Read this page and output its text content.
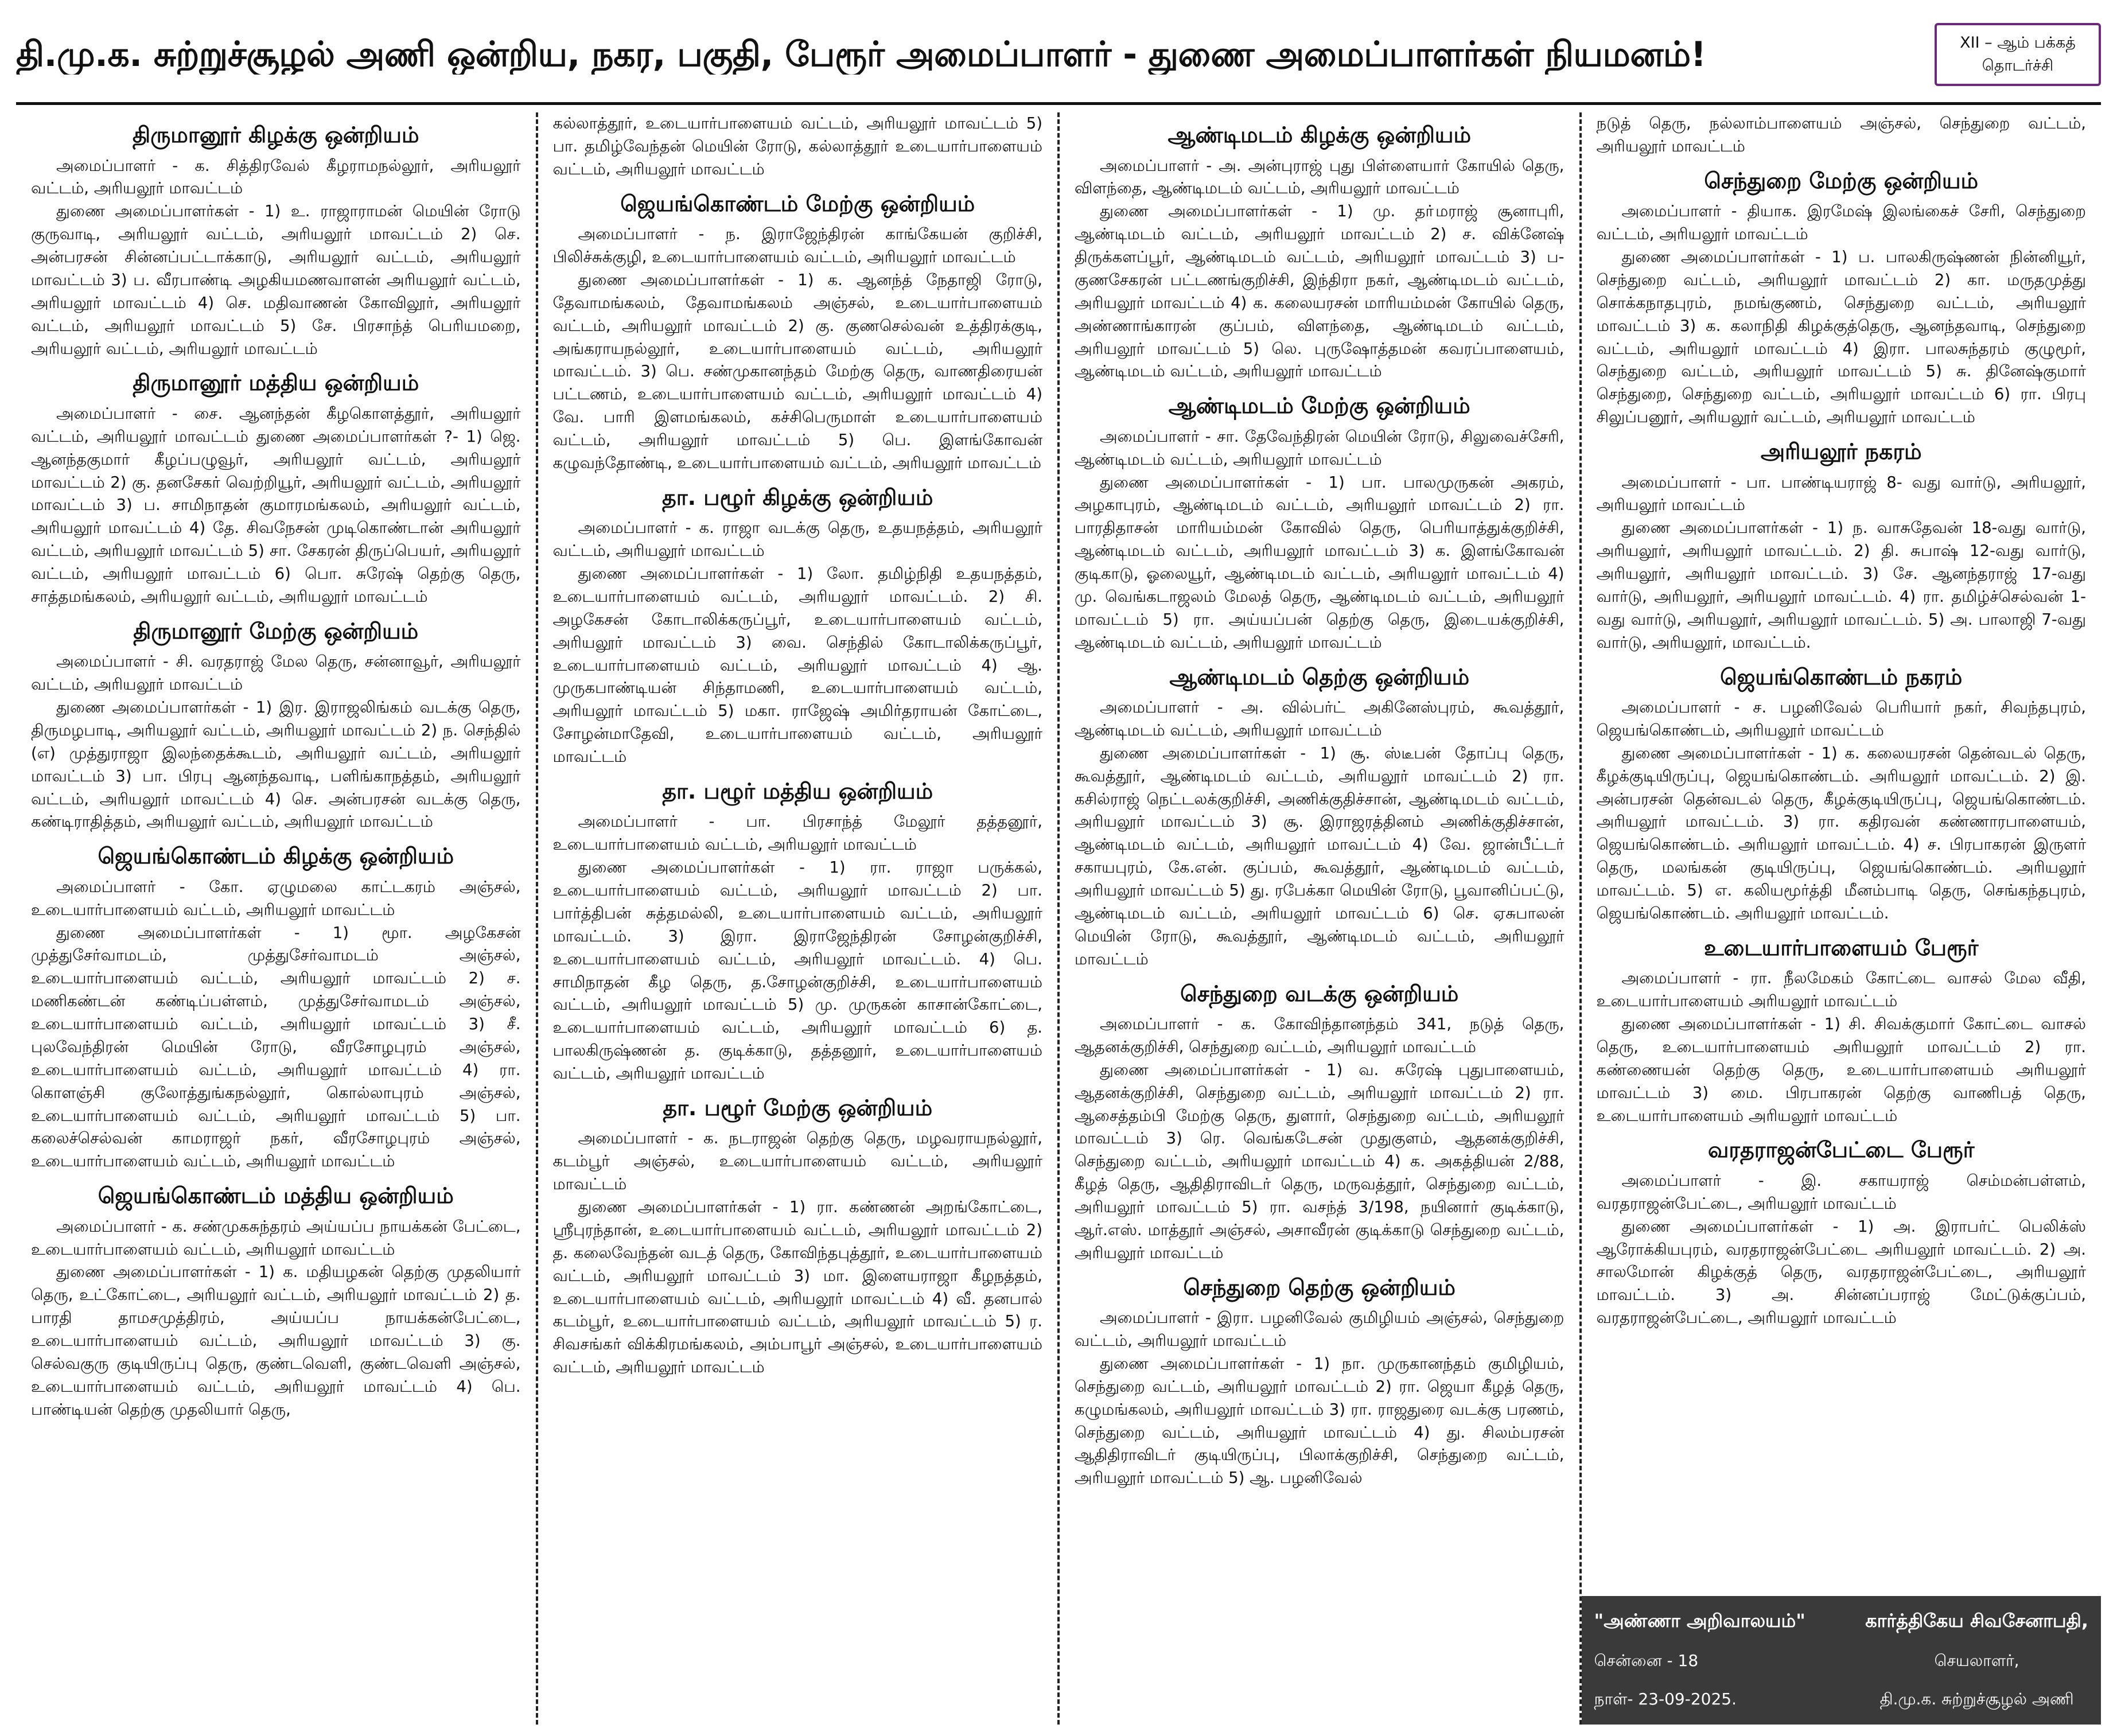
தி.மு.க. சுற்றுச்சூழல் அணி ஒன்றிய, நகர, பகுதி, பேரூர் அமைப்பாளர் - துணை அமைப்பாளர்கள் நியமனம்!	XII – ஆம் பக்கத்
தொடர்ச்சி
திருமானூர் கிழக்கு ஒன்றியம்

அமைப்பாளர் - க. சித்திரவேல் கீழராமநல்லூர், அரியலூர் வட்டம், அரியலூர் மாவட்டம்

துணை அமைப்பாளர்கள் - 1) உ. ராஜாராமன் மெயின் ரோடு குருவாடி, அரியலூர் வட்டம், அரியலூர் மாவட்டம் 2) செ. அன்பரசன் சின்னப்பட்டாக்காடு, அரியலூர் வட்டம், அரியலூர் மாவட்டம் 3) ப. வீரபாண்டி அழகியமணவாளன் அரியலூர் வட்டம், அரியலூர் மாவட்டம் 4) செ. மதிவாணன் கோவிலூர், அரியலூர் வட்டம், அரியலூர் மாவட்டம் 5) சே. பிரசாந்த் பெரியமறை, அரியலூர் வட்டம், அரியலூர் மாவட்டம்

திருமானூர் மத்திய ஒன்றியம்

அமைப்பாளர் - சை. ஆனந்தன் கீழகொளத்தூர், அரியலூர் வட்டம், அரியலூர் மாவட்டம் துணை அமைப்பாளர்கள் ?- 1) ஜெ. ஆனந்தகுமார் கீழப்பழுவூர், அரியலூர் வட்டம், அரியலூர் மாவட்டம் 2) கு. தனசேகர் வெற்றியூர், அரியலூர் வட்டம், அரியலூர் மாவட்டம் 3) ப. சாமிநாதன் குமாரமங்கலம், அரியலூர் வட்டம், அரியலூர் மாவட்டம் 4) தே. சிவநேசன் முடிகொண்டான் அரியலூர் வட்டம், அரியலூர் மாவட்டம் 5) சா. சேகரன் திருப்பெயர், அரியலூர் வட்டம், அரியலூர் மாவட்டம் 6) பொ. சுரேஷ் தெற்கு தெரு, சாத்தமங்கலம், அரியலூர் வட்டம், அரியலூர் மாவட்டம்

திருமானூர் மேற்கு ஒன்றியம்

அமைப்பாளர் - சி. வரதராஜ் மேல தெரு, சன்னாவூர், அரியலூர் வட்டம், அரியலூர் மாவட்டம்

துணை அமைப்பாளர்கள் - 1) இர. இராஜலிங்கம் வடக்கு தெரு, திருமழபாடி, அரியலூர் வட்டம், அரியலூர் மாவட்டம் 2) ந. செந்தில் (எ) முத்துராஜா இலந்தைக்கூடம், அரியலூர் வட்டம், அரியலூர் மாவட்டம் 3) பா. பிரபு ஆனந்தவாடி, பளிங்காநத்தம், அரியலூர் வட்டம், அரியலூர் மாவட்டம் 4) செ. அன்பரசன் வடக்கு தெரு, கண்டிராதித்தம், அரியலூர் வட்டம், அரியலூர் மாவட்டம்

ஜெயங்கொண்டம் கிழக்கு ஒன்றியம்

அமைப்பாளர் - கோ. ஏழுமலை காட்டகரம் அஞ்சல், உடையார்பாளையம் வட்டம், அரியலூர் மாவட்டம்

துணை அமைப்பாளர்கள் - 1) மூா. அழகேசன் முத்துசேர்வாமடம், முத்துசேர்வாமடம் அஞ்சல், உடையார்பாளையம் வட்டம், அரியலூர் மாவட்டம் 2) ச. மணிகண்டன் கண்டிப்பள்ளம், முத்துசேர்வாமடம் அஞ்சல், உடையார்பாளையம் வட்டம், அரியலூர் மாவட்டம் 3) சீ. புலவேந்திரன் மெயின் ரோடு, வீரசோழபுரம் அஞ்சல், உடையார்பாளையம் வட்டம், அரியலூர் மாவட்டம் 4) ரா. கொளஞ்சி குலோத்துங்கநல்லூர், கொல்லாபுரம் அஞ்சல், உடையார்பாளையம் வட்டம், அரியலூர் மாவட்டம் 5) பா. கலைச்செல்வன் காமராஜர் நகர், வீரசோழபுரம் அஞ்சல், உடையார்பாளையம் வட்டம், அரியலூர் மாவட்டம்

ஜெயங்கொண்டம் மத்திய ஒன்றியம்

அமைப்பாளர் - க. சண்முகசுந்தரம் அய்யப்ப நாயக்கன் பேட்டை, உடையார்பாளையம் வட்டம், அரியலூர் மாவட்டம்

துணை அமைப்பாளர்கள் - 1) க. மதியழகன் தெற்கு முதலியார் தெரு, உட்கோட்டை, அரியலூர் வட்டம், அரியலூர் மாவட்டம் 2) த. பாரதி தாமசமுத்திரம், அய்யப்ப நாயக்கன்பேட்டை, உடையார்பாளையம் வட்டம், அரியலூர் மாவட்டம் 3) கு. செல்வகுரு குடியிருப்பு தெரு, குண்டவெளி, குண்டவெளி அஞ்சல், உடையார்பாளையம் வட்டம், அரியலூர் மாவட்டம் 4) பெ. பாண்டியன் தெற்கு முதலியார் தெரு,

கல்லாத்தூர், உடையார்பாளையம் வட்டம், அரியலூர் மாவட்டம் 5) பா. தமிழ்வேந்தன் மெயின் ரோடு, கல்லாத்தூர் உடையார்பாளையம் வட்டம், அரியலூர் மாவட்டம்

ஜெயங்கொண்டம் மேற்கு ஒன்றியம்

அமைப்பாளர் - ந. இராஜேந்திரன் காங்கேயன் குறிச்சி, பிலிச்சுக்குழி, உடையார்பாளையம் வட்டம், அரியலூர் மாவட்டம்

துணை அமைப்பாளர்கள் - 1) க. ஆனந்த் நேதாஜி ரோடு, தேவாமங்கலம், தேவாமங்கலம் அஞ்சல், உடையார்பாளையம் வட்டம், அரியலூர் மாவட்டம் 2) கு. குணசெல்வன் உத்திரக்குடி, அங்கராயநல்லூர், உடையார்பாளையம் வட்டம், அரியலூர் மாவட்டம். 3) பெ. சண்முகானந்தம் மேற்கு தெரு, வாணதிரையன் பட்டணம், உடையார்பாளையம் வட்டம், அரியலூர் மாவட்டம் 4) வே. பாரி இளமங்கலம், கச்சிபெருமாள் உடையார்பாளையம் வட்டம், அரியலூர் மாவட்டம் 5) பெ. இளங்கோவன் கழுவந்தோண்டி, உடையார்பாளையம் வட்டம், அரியலூர் மாவட்டம்

தா. பழூர் கிழக்கு ஒன்றியம்

அமைப்பாளர் - க. ராஜா வடக்கு தெரு, உதயநத்தம், அரியலூர் வட்டம், அரியலூர் மாவட்டம்

துணை அமைப்பாளர்கள் - 1) லோ. தமிழ்நிதி உதயநத்தம், உடையார்பாளையம் வட்டம், அரியலூர் மாவட்டம். 2) சி. அழகேசன் கோடாலிக்கருப்பூர், உடையார்பாளையம் வட்டம், அரியலூர் மாவட்டம் 3) வை. செந்தில் கோடாலிக்கருப்பூர், உடையார்பாளையம் வட்டம், அரியலூர் மாவட்டம் 4) ஆ. முருகபாண்டியன் சிந்தாமணி, உடையார்பாளையம் வட்டம், அரியலூர் மாவட்டம் 5) மகா. ராஜேஷ் அமிர்தராயன் கோட்டை, சோழன்மாதேவி, உடையார்பாளையம் வட்டம், அரியலூர் மாவட்டம்

தா. பழூர் மத்திய ஒன்றியம்

அமைப்பாளர் - பா. பிரசாந்த் மேலூர் தத்தனூர், உடையார்பாளையம் வட்டம், அரியலூர் மாவட்டம்

துணை அமைப்பாளர்கள் - 1) ரா. ராஜா பருக்கல், உடையார்பாளையம் வட்டம், அரியலூர் மாவட்டம் 2) பா. பார்த்திபன் சுத்தமல்லி, உடையார்பாளையம் வட்டம், அரியலூர் மாவட்டம். 3) இரா. இராஜேந்திரன் சோழன்குறிச்சி, உடையார்பாளையம் வட்டம், அரியலூர் மாவட்டம். 4) பெ. சாமிநாதன் கீழ தெரு, த.சோழன்குறிச்சி, உடையார்பாளையம் வட்டம், அரியலூர் மாவட்டம் 5) மு. முருகன் காசான்கோட்டை, உடையார்பாளையம் வட்டம், அரியலூர் மாவட்டம் 6) த. பாலகிருஷ்ணன் த. குடிக்காடு, தத்தனூர், உடையார்பாளையம் வட்டம், அரியலூர் மாவட்டம்

தா. பழூர் மேற்கு ஒன்றியம்

அமைப்பாளர் - க. நடராஜன் தெற்கு தெரு, மழவராயநல்லூர், கடம்பூர் அஞ்சல், உடையார்பாளையம் வட்டம், அரியலூர் மாவட்டம்

துணை அமைப்பாளர்கள் - 1) ரா. கண்ணன் அறங்கோட்டை, ஸ்ரீபுரந்தான், உடையார்பாளையம் வட்டம், அரியலூர் மாவட்டம் 2) த. கலைவேந்தன் வடத் தெரு, கோவிந்தபுத்தூர், உடையார்பாளையம் வட்டம், அரியலூர் மாவட்டம் 3) மா. இளையராஜா கீழநத்தம், உடையார்பாளையம் வட்டம், அரியலூர் மாவட்டம் 4) வீ. தனபால் கடம்பூர், உடையார்பாளையம் வட்டம், அரியலூர் மாவட்டம் 5) ர. சிவசங்கர் விக்கிரமங்கலம், அம்பாபூர் அஞ்சல், உடையார்பாளையம் வட்டம், அரியலூர் மாவட்டம்

ஆண்டிமடம் கிழக்கு ஒன்றியம்

அமைப்பாளர் - அ. அன்புராஜ் புது பிள்ளையார் கோயில் தெரு, விளந்தை, ஆண்டிமடம் வட்டம், அரியலூர் மாவட்டம்

துணை அமைப்பாளர்கள் - 1) மு. தா்மராஜ் சூனாபுரி, ஆண்டிமடம் வட்டம், அரியலூர் மாவட்டம் 2) ச. விக்னேஷ் திருக்களப்பூர், ஆண்டிமடம் வட்டம், அரியலூர் மாவட்டம் 3) ப- குணசேகரன் பட்டணங்குறிச்சி, இந்திரா நகர், ஆண்டிமடம் வட்டம், அரியலூர் மாவட்டம் 4) க. கலையரசன் மாரியம்மன் கோயில் தெரு, அண்ணாங்காரன் குப்பம், விளந்தை, ஆண்டிமடம் வட்டம், அரியலூர் மாவட்டம் 5) லெ. புருஷோத்தமன் கவரப்பாளையம், ஆண்டிமடம் வட்டம், அரியலூர் மாவட்டம்

ஆண்டிமடம் மேற்கு ஒன்றியம்

அமைப்பாளர் - சா. தேவேந்திரன் மெயின் ரோடு, சிலுவைச்சேரி, ஆண்டிமடம் வட்டம், அரியலூர் மாவட்டம்

துணை அமைப்பாளர்கள் - 1) பா. பாலமுருகன் அகரம், அழகாபுரம், ஆண்டிமடம் வட்டம், அரியலூர் மாவட்டம் 2) ரா. பாரதிதாசன் மாரியம்மன் கோவில் தெரு, பெரியாத்துக்குறிச்சி, ஆண்டிமடம் வட்டம், அரியலூர் மாவட்டம் 3) க. இளங்கோவன் குடிகாடு, ஓலையூர், ஆண்டிமடம் வட்டம், அரியலூர் மாவட்டம் 4) மு. வெங்கடாஜலம் மேலத் தெரு, ஆண்டிமடம் வட்டம், அரியலூர் மாவட்டம் 5) ரா. அய்யப்பன் தெற்கு தெரு, இடையக்குறிச்சி, ஆண்டிமடம் வட்டம், அரியலூர் மாவட்டம்

ஆண்டிமடம் தெற்கு ஒன்றியம்

அமைப்பாளர் - அ. வில்பர்ட் அகினேஸ்புரம், கூவத்தூர், ஆண்டிமடம் வட்டம், அரியலூர் மாவட்டம்

துணை அமைப்பாளர்கள் - 1) சூ. ஸ்டீபன் தோப்பு தெரு, கூவத்தூர், ஆண்டிமடம் வட்டம், அரியலூர் மாவட்டம் 2) ரா. கசில்ராஜ் நெட்டலக்குறிச்சி, அணிக்குதிச்சான், ஆண்டிமடம் வட்டம், அரியலூர் மாவட்டம் 3) சூ. இராஜரத்தினம் அணிக்குதிச்சான், ஆண்டிமடம் வட்டம், அரியலூர் மாவட்டம் 4) வே. ஜான்பீட்டர் சகாயபுரம், கே.என். குப்பம், கூவத்தூர், ஆண்டிமடம் வட்டம், அரியலூர் மாவட்டம் 5) து. ரபேக்கா மெயின் ரோடு, பூவானிப்பட்டு, ஆண்டிமடம் வட்டம், அரியலூர் மாவட்டம் 6) செ. ஏசுபாலன் மெயின் ரோடு, கூவத்தூர், ஆண்டிமடம் வட்டம், அரியலூர் மாவட்டம்

செந்துறை வடக்கு ஒன்றியம்

அமைப்பாளர் - க. கோவிந்தானந்தம் 341, நடுத் தெரு, ஆதனக்குறிச்சி, செந்துறை வட்டம், அரியலூர் மாவட்டம்

துணை அமைப்பாளர்கள் - 1) வ. சுரேஷ் புதுபாளையம், ஆதனக்குறிச்சி, செந்துறை வட்டம், அரியலூர் மாவட்டம் 2) ரா. ஆசைத்தம்பி மேற்கு தெரு, துளார், செந்துறை வட்டம், அரியலூர் மாவட்டம் 3) ரெ. வெங்கடேசன் முதுகுளம், ஆதனக்குறிச்சி, செந்துறை வட்டம், அரியலூர் மாவட்டம் 4) க. அகத்தியன் 2/88, கீழத் தெரு, ஆதிதிராவிடர் தெரு, மருவத்தூர், செந்துறை வட்டம், அரியலூர் மாவட்டம் 5) ரா. வசந்த் 3/198, நயினார் குடிக்காடு, ஆர்.எஸ். மாத்தூர் அஞ்சல், அசாவீரன் குடிக்காடு செந்துறை வட்டம், அரியலூர் மாவட்டம்

செந்துறை தெற்கு ஒன்றியம்

அமைப்பாளர் - இரா. பழனிவேல் குமிழியம் அஞ்சல், செந்துறை வட்டம், அரியலூர் மாவட்டம்

துணை அமைப்பாளர்கள் - 1) நா. முருகானந்தம் குமிழியம், செந்துறை வட்டம், அரியலூர் மாவட்டம் 2) ரா. ஜெயா கீழத் தெரு, கழுமங்கலம், அரியலூர் மாவட்டம் 3) ரா. ராஜதுரை வடக்கு பரணம், செந்துறை வட்டம், அரியலூர் மாவட்டம் 4) து. சிலம்பரசன் ஆதிதிராவிடர் குடியிருப்பு, பிலாக்குறிச்சி, செந்துறை வட்டம், அரியலூர் மாவட்டம் 5) ஆ. பழனிவேல்

நடுத் தெரு, நல்லாம்பாளையம் அஞ்சல், செந்துறை வட்டம், அரியலூர் மாவட்டம்

செந்துறை மேற்கு ஒன்றியம்

அமைப்பாளர் - தியாக. இரமேஷ் இலங்கைச் சேரி, செந்துறை வட்டம், அரியலூர் மாவட்டம்

துணை அமைப்பாளர்கள் - 1) ப. பாலகிருஷ்ணன் நின்னியூர், செந்துறை வட்டம், அரியலூர் மாவட்டம் 2) கா. மருதமுத்து சொக்கநாதபுரம், நமங்குணம், செந்துறை வட்டம், அரியலூர் மாவட்டம் 3) க. கலாநிதி கிழக்குத்தெரு, ஆனந்தவாடி, செந்துறை வட்டம், அரியலூர் மாவட்டம் 4) இரா. பாலசுந்தரம் குழுமூர், செந்துறை வட்டம், அரியலூர் மாவட்டம் 5) சு. தினேஷ்குமார் செந்துறை, செந்துறை வட்டம், அரியலூர் மாவட்டம் 6) ரா. பிரபு சிலுப்பனூர், அரியலூர் வட்டம், அரியலூர் மாவட்டம்

அரியலூர் நகரம்

அமைப்பாளர் - பா. பாண்டியராஜ் 8- வது வார்டு, அரியலூர், அரியலூர் மாவட்டம்

துணை அமைப்பாளர்கள் - 1) ந. வாசுதேவன் 18-வது வார்டு, அரியலூர், அரியலூர் மாவட்டம். 2) தி. சுபாஷ் 12-வது வார்டு, அரியலூர், அரியலூர் மாவட்டம். 3) சே. ஆனந்தராஜ் 17-வது வார்டு, அரியலூர், அரியலூர் மாவட்டம். 4) ரா. தமிழ்ச்செல்வன் 1-வது வார்டு, அரியலூர், அரியலூர் மாவட்டம். 5) அ. பாலாஜி 7-வது வார்டு, அரியலூர், மாவட்டம்.

ஜெயங்கொண்டம் நகரம்

அமைப்பாளர் - ச. பழனிவேல் பெரியார் நகர், சிவந்தபுரம், ஜெயங்கொண்டம், அரியலூர் மாவட்டம்

துணை அமைப்பாளர்கள் - 1) க. கலையரசன் தென்வடல் தெரு, கீழக்குடியிருப்பு, ஜெயங்கொண்டம். அரியலூர் மாவட்டம். 2) இ. அன்பரசன் தென்வடல் தெரு, கீழக்குடியிருப்பு, ஜெயங்கொண்டம். அரியலூர் மாவட்டம். 3) ரா. கதிரவன் கண்ணாரபாளையம், ஜெயங்கொண்டம். அரியலூர் மாவட்டம். 4) ச. பிரபாகரன் இருளர் தெரு, மலங்கன் குடியிருப்பு, ஜெயங்கொண்டம். அரியலூர் மாவட்டம். 5) எ. கலியமூர்த்தி மீனம்பாடி தெரு, செங்கந்தபுரம், ஜெயங்கொண்டம். அரியலூர் மாவட்டம்.

உடையார்பாளையம் பேரூர்

அமைப்பாளர் - ரா. நீலமேகம் கோட்டை வாசல் மேல வீதி, உடையார்பாளையம் அரியலூர் மாவட்டம்

துணை அமைப்பாளர்கள் - 1) சி. சிவக்குமார் கோட்டை வாசல் தெரு, உடையார்பாளையம் அரியலூர் மாவட்டம் 2) ரா. கண்ணையன் தெற்கு தெரு, உடையார்பாளையம் அரியலூர் மாவட்டம் 3) மை. பிரபாகரன் தெற்கு வாணிபத் தெரு, உடையார்பாளையம் அரியலூர் மாவட்டம்

வரதராஜன்பேட்டை பேரூர்

அமைப்பாளர் - இ. சகாயராஜ் செம்மன்பள்ளம், வரதராஜன்பேட்டை, அரியலூர் மாவட்டம்

துணை அமைப்பாளர்கள் - 1) அ. இராபர்ட் பெலிக்ஸ் ஆரோக்கியபுரம், வரதராஜன்பேட்டை அரியலூர் மாவட்டம். 2) அ. சாலமோன் கிழக்குத் தெரு, வரதராஜன்பேட்டை, அரியலூர் மாவட்டம். 3) அ. சின்னப்பராஜ் மேட்டுக்குப்பம், வரதராஜன்பேட்டை, அரியலூர் மாவட்டம்

"அண்ணா அறிவாலயம்"
சென்னை - 18
நாள்- 23-09-2025.
கார்த்திகேய சிவசேனாபதி,
செயலாளர்,
தி.மு.க. சுற்றுச்சூழல் அணி
